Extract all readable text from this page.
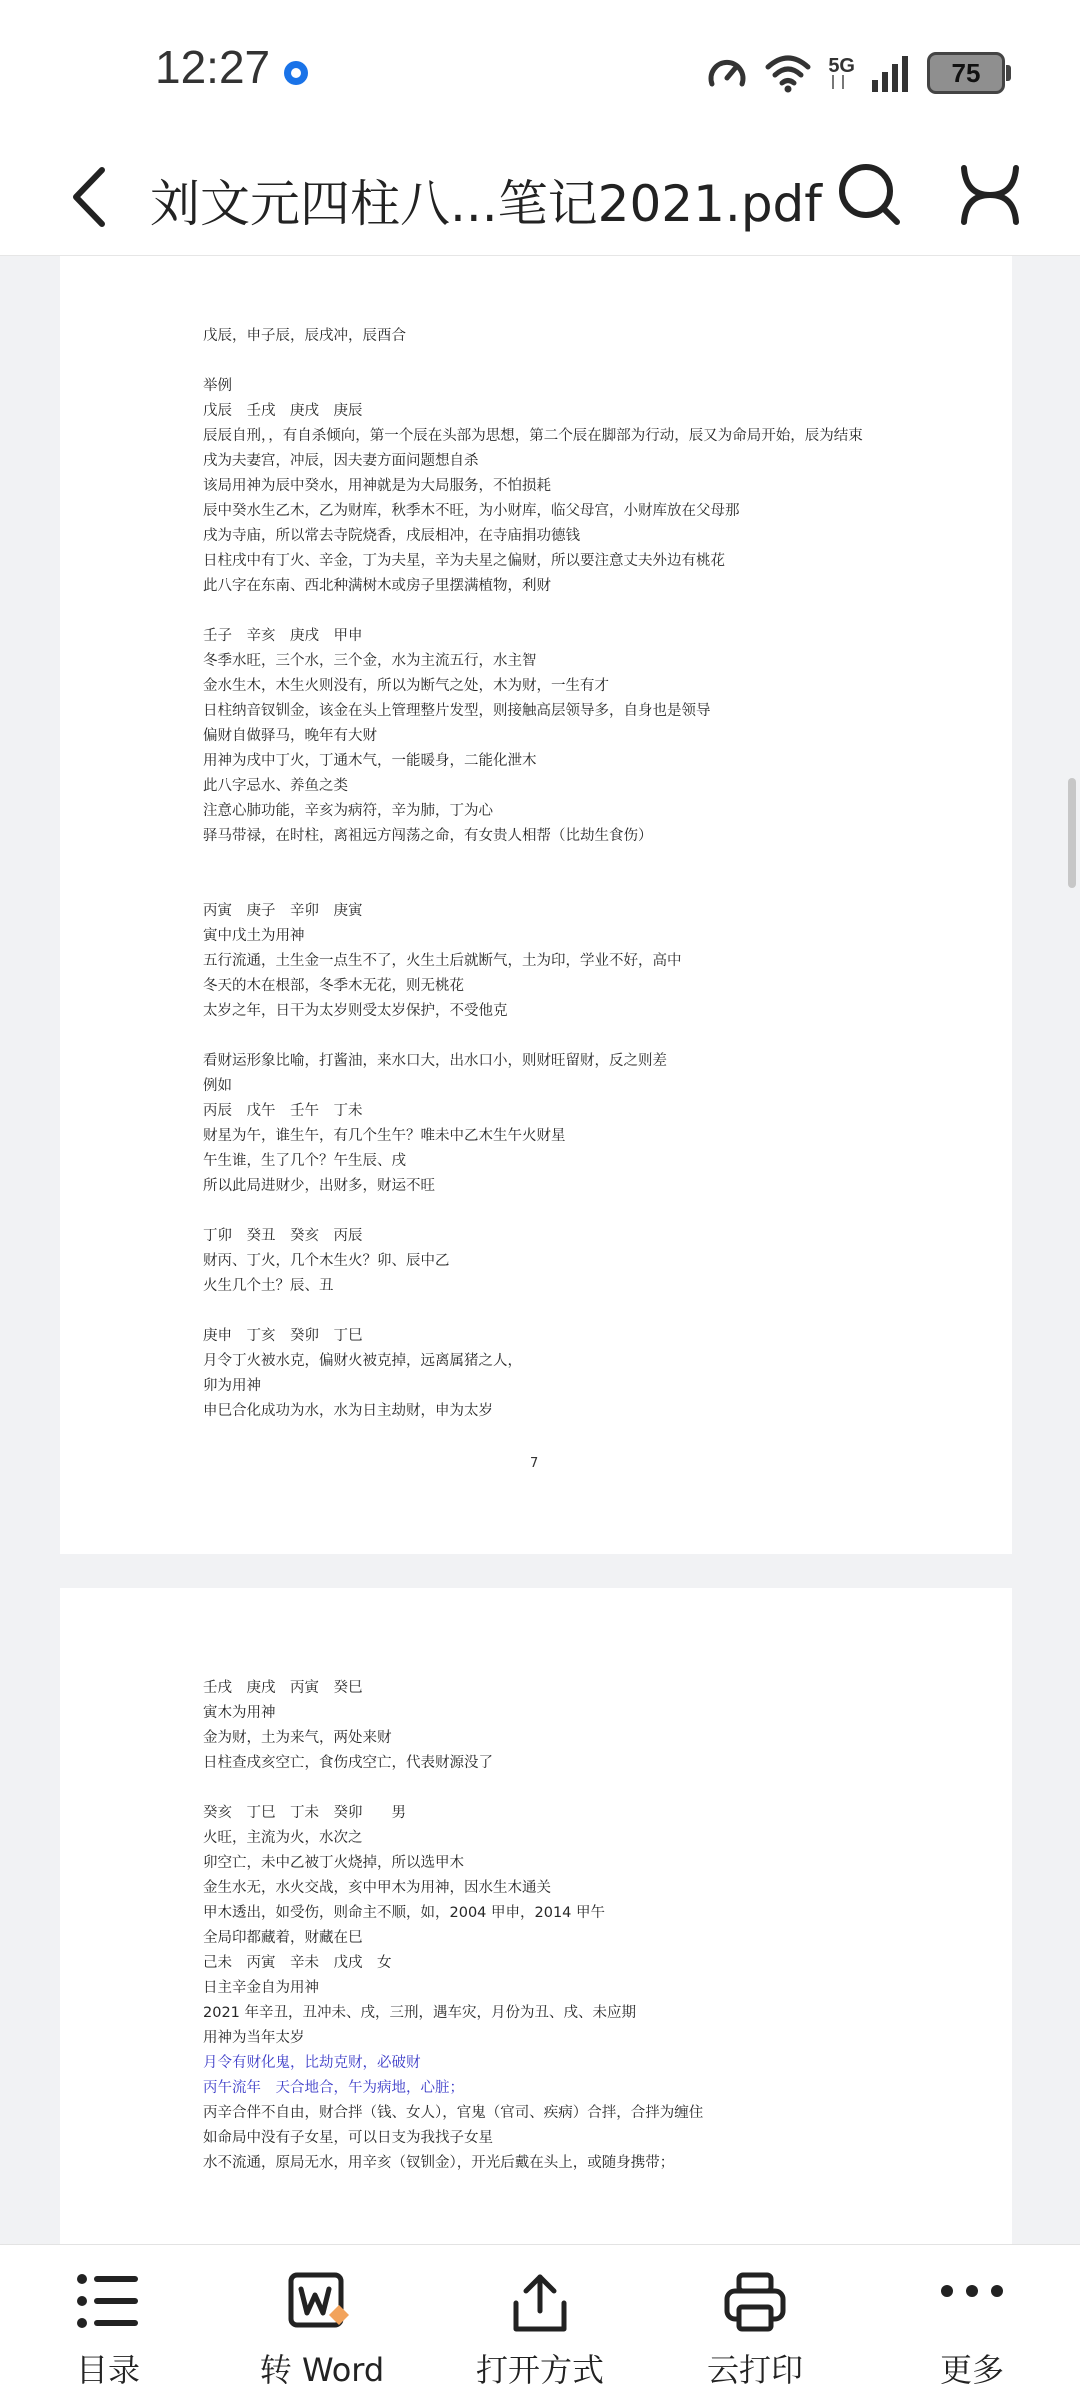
12:27	5G	75
刘文元四柱八...笔记2021.pdf
戊辰，申子辰，辰戌冲，辰酉合
举例
戊辰　壬戌　庚戌　庚辰
辰辰自刑，，有自杀倾向，第一个辰在头部为思想，第二个辰在脚部为行动，辰又为命局开始，辰为结束
戌为夫妻宫，冲辰，因夫妻方面问题想自杀
该局用神为辰中癸水，用神就是为大局服务，不怕损耗
辰中癸水生乙木，乙为财库，秋季木不旺，为小财库，临父母宫，小财库放在父母那
戌为寺庙，所以常去寺院烧香，戌辰相冲，在寺庙捐功德钱
日柱戌中有丁火、辛金，丁为夫星，辛为夫星之偏财，所以要注意丈夫外边有桃花
此八字在东南、西北种满树木或房子里摆满植物，利财
壬子　辛亥　庚戌　甲申
冬季水旺，三个水，三个金，水为主流五行，水主智
金水生木，木生火则没有，所以为断气之处，木为财，一生有才
日柱纳音钗钏金，该金在头上管理整片发型，则接触高层领导多，自身也是领导
偏财自做驿马，晚年有大财
用神为戌中丁火，丁通木气，一能暖身，二能化泄木
此八字忌水、养鱼之类
注意心肺功能，辛亥为病符，辛为肺，丁为心
驿马带禄，在时柱，离祖远方闯荡之命，有女贵人相帮（比劫生食伤）
丙寅　庚子　辛卯　庚寅
寅中戊土为用神
五行流通，土生金一点生不了，火生土后就断气，土为印，学业不好，高中
冬天的木在根部，冬季木无花，则无桃花
太岁之年，日干为太岁则受太岁保护，不受他克
看财运形象比喻，打酱油，来水口大，出水口小，则财旺留财，反之则差
例如
丙辰　戊午　壬午　丁未
财星为午，谁生午，有几个生午？唯未中乙木生午火财星
午生谁，生了几个？午生辰、戌
所以此局进财少，出财多，财运不旺
丁卯　癸丑　癸亥　丙辰
财丙、丁火，几个木生火？卯、辰中乙
火生几个土？辰、丑
庚申　丁亥　癸卯　丁巳
月令丁火被水克，偏财火被克掉，远离属猪之人，
卯为用神
申巳合化成功为水，水为日主劫财，申为太岁
7
壬戌　庚戌　丙寅　癸巳
寅木为用神
金为财，土为来气，两处来财
日柱查戌亥空亡，食伤戌空亡，代表财源没了
癸亥　丁巳　丁未　癸卯　　男
火旺，主流为火，水次之
卯空亡，未中乙被丁火烧掉，所以选甲木
金生水无，水火交战，亥中甲木为用神，因水生木通关
甲木透出，如受伤，则命主不顺，如，2004 甲申，2014 甲午
全局印都藏着，财藏在巳
己未　丙寅　辛未　戊戌　女
日主辛金自为用神
2021 年辛丑，丑冲未、戌，三刑，遇车灾，月份为丑、戌、未应期
用神为当年太岁
月令有财化鬼，比劫克财，必破财
丙午流年　天合地合，午为病地，心脏；
丙辛合伴不自由，财合拌（钱、女人），官鬼（官司、疾病）合拌，合拌为缠住
如命局中没有子女星，可以日支为我找子女星
水不流通，原局无水，用辛亥（钗钏金），开光后戴在头上，或随身携带；
目录	转 Word	打开方式	云打印	更多
